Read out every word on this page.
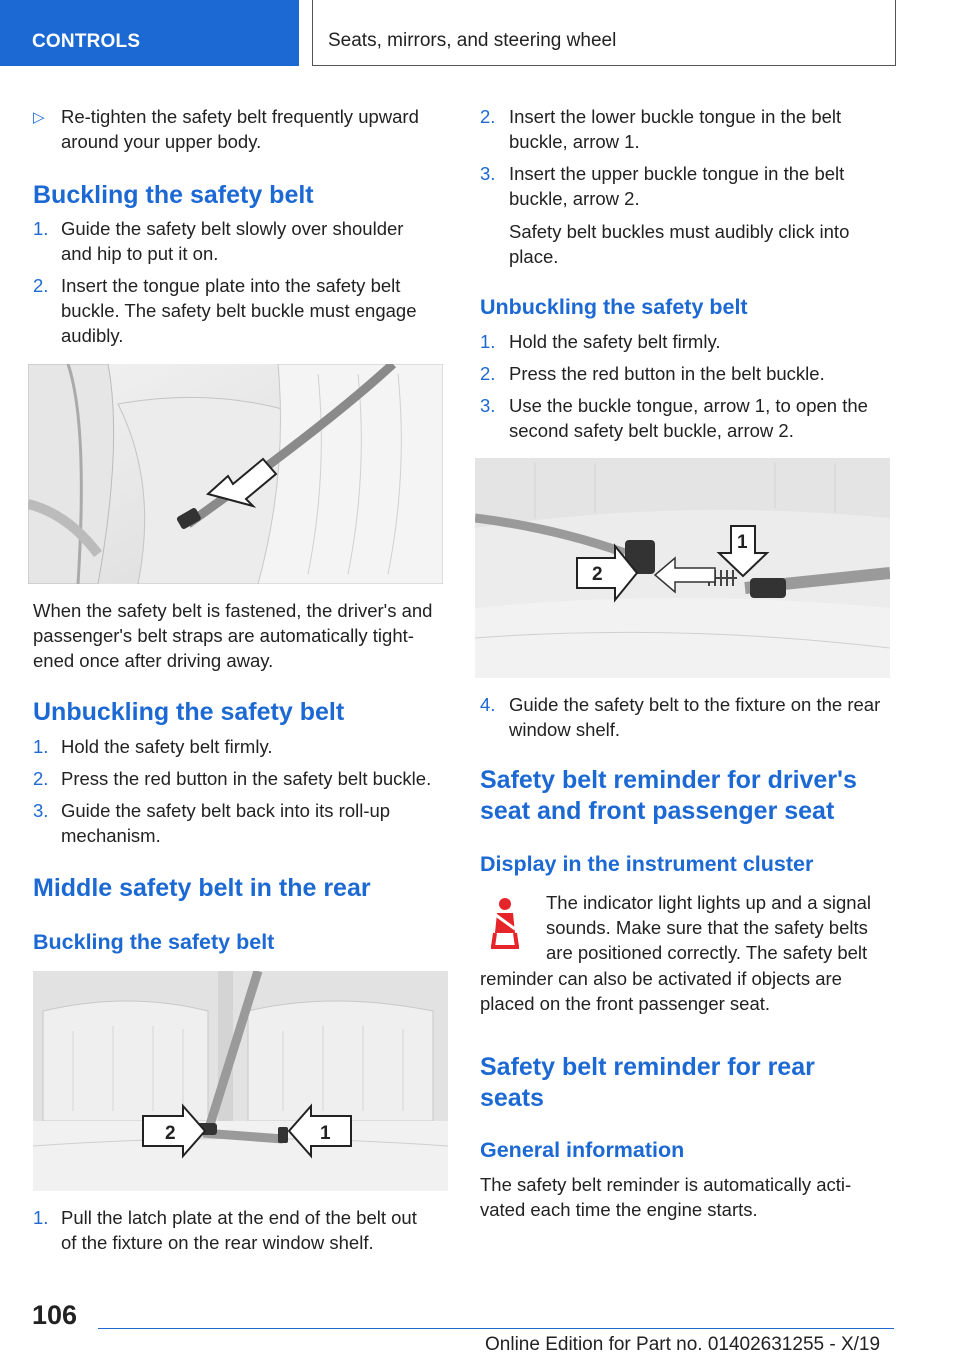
CONTROLS	Seats, mirrors, and steering wheel
▷ Re-tighten the safety belt frequently upward
around your upper body.
Buckling the safety belt
1. Guide the safety belt slowly over shoulder
and hip to put it on.
2. Insert the tongue plate into the safety belt
buckle. The safety belt buckle must engage
audibly.
When the safety belt is fastened, the driver's and
passenger's belt straps are automatically tight-
ened once after driving away.
Unbuckling the safety belt
1. Hold the safety belt firmly.
2. Press the red button in the safety belt buckle.
3. Guide the safety belt back into its roll-up
mechanism.
Middle safety belt in the rear
Buckling the safety belt
2	1
1. Pull the latch plate at the end of the belt out
of the fixture on the rear window shelf.
2. Insert the lower buckle tongue in the belt
buckle, arrow 1.
3. Insert the upper buckle tongue in the belt
buckle, arrow 2.
Safety belt buckles must audibly click into
place.
Unbuckling the safety belt
1. Hold the safety belt firmly.
2. Press the red button in the belt buckle.
3. Use the buckle tongue, arrow 1, to open the
second safety belt buckle, arrow 2.
2
1
4. Guide the safety belt to the fixture on the rear
window shelf.
Safety belt reminder for driver's
seat and front passenger seat
Display in the instrument cluster
The indicator light lights up and a signal
sounds. Make sure that the safety belts
are positioned correctly. The safety belt
reminder can also be activated if objects are
placed on the front passenger seat.
Safety belt reminder for rear
seats
General information
The safety belt reminder is automatically acti-
vated each time the engine starts.
106
Online Edition for Part no. 01402631255 - X/19
